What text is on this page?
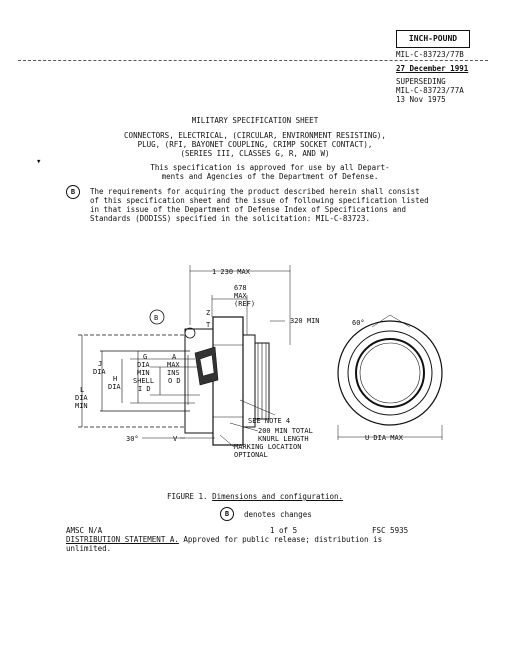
INCH-POUND
MIL-C-83723/77B
27 December 1991
SUPERSEDING
MIL-C-83723/77A
13 Nov 1975
MILITARY SPECIFICATION SHEET
CONNECTORS, ELECTRICAL, (CIRCULAR, ENVIRONMENT RESISTING),
PLUG, (RFI, BAYONET COUPLING, CRIMP SOCKET CONTACT),
(SERIES III, CLASSES G, R, AND W)
This specification is approved for use by all Depart-
ments and Agencies of the Department of Defense.
▾
B	The requirements for acquiring the product described herein shall consist
of this specification sheet and the issue of following specification listed
in that issue of the Department of Defense Index of Specifications and
Standards (DODISS) specified in the solicitation: MIL-C-83723.
1 230 MAX
678
MAX
(REF)
320 MIN
Z
T
J
DIA
G
DIA
MIN
SHELL
I D
H
DIA
L
DIA
MIN
A
MAX
INS
O D
B
SEE NOTE 4
200 MIN TOTAL
KNURL LENGTH
MARKING LOCATION
OPTIONAL
30°	V
60°
U DIA MAX
FIGURE 1. Dimensions and configuration.
B	denotes changes
AMSC N/A	1 of 5	FSC 5935
DISTRIBUTION STATEMENT A. Approved for public release; distribution is
unlimited.
